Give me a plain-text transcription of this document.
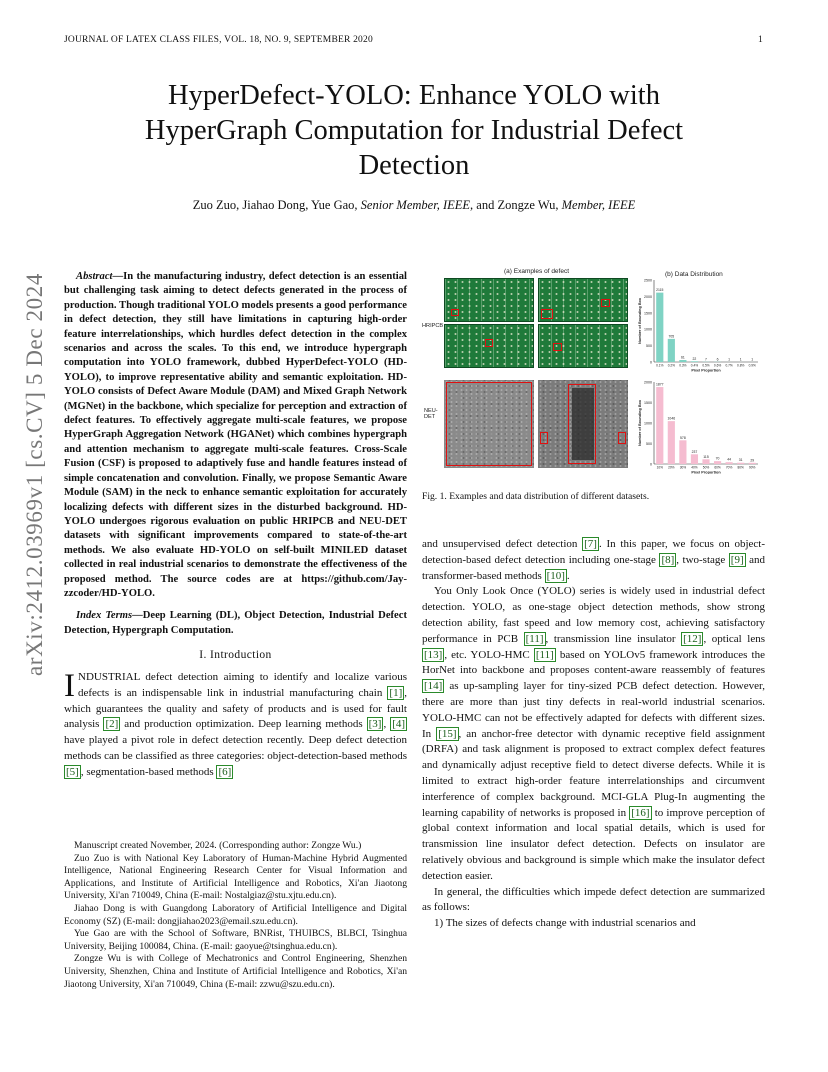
JOURNAL OF LATEX CLASS FILES, VOL. 18, NO. 9, SEPTEMBER 2020	1
arXiv:2412.03969v1 [cs.CV] 5 Dec 2024
HyperDefect-YOLO: Enhance YOLO with HyperGraph Computation for Industrial Defect Detection
Zuo Zuo, Jiahao Dong, Yue Gao, Senior Member, IEEE, and Zongze Wu, Member, IEEE

Abstract—In the manufacturing industry, defect detection is an essential but challenging task aiming to detect defects generated in the process of production. Though traditional YOLO models presents a good performance in defect detection, they still have limitations in capturing high-order feature interrelationships, which hurdles defect detection in the complex scenarios and across the scales. To this end, we introduce hypergraph computation into YOLO framework, dubbed HyperDefect-YOLO (HD-YOLO), to improve representative ability and semantic exploitation. HD-YOLO consists of Defect Aware Module (DAM) and Mixed Graph Network (MGNet) in the backbone, which specialize for perception and extraction of defect features. To effectively aggregate multi-scale features, we propose HyperGraph Aggregation Network (HGANet) which combines hypergraph and attention mechanism to aggregate multi-scale features. Cross-Scale Fusion (CSF) is proposed to adaptively fuse and handle features instead of simple concatenation and convolution. Finally, we propose Semantic Aware Module (SAM) in the neck to enhance semantic exploitation for accurately localizing defects with different sizes in the disturbed background. HD-YOLO undergoes rigorous evaluation on public HRIPCB and NEU-DET datasets with significant improvements compared to state-of-the-art methods. We also evaluate HD-YOLO on self-built MINILED dataset collected in real industrial scenarios to demonstrate the effectiveness of the proposed method. The source codes are at https://github.com/Jay-zzcoder/HD-YOLO.

Index Terms—Deep Learning (DL), Object Detection, Industrial Defect Detection, Hypergraph Computation.

I. Introduction

INDUSTRIAL defect detection aiming to identify and localize various defects is an indispensable link in industrial manufacturing chain [1] , which guarantees the quality and safety of products and is used for fault analysis [2] and production optimization. Deep learning methods [3] , [4] have played a pivot role in defect detection recently. Deep defect detection methods can be classified as three categories: object-detection-based methods [5] , segmentation-based methods [6]

Manuscript created November, 2024. (Corresponding author: Zongze Wu.)

Zuo Zuo is with National Key Laboratory of Human-Machine Hybrid Augmented Intelligence, National Engineering Research Center for Visual Information and Applications, and Institute of Artificial Intelligence and Robotics, Xi'an Jiaotong University, Xi'an 710049, China (E-mail: Nostalgiaz@stu.xjtu.edu.cn).

Jiahao Dong is with Guangdong Laboratory of Artificial Intelligence and Digital Economy (SZ) (E-mail: dongjiahao2023@email.szu.edu.cn).

Yue Gao are with the School of Software, BNRist, THUIBCS, BLBCI, Tsinghua University, Beijing 100084, China. (E-mail: gaoyue@tsinghua.edu.cn).

Zongze Wu is with College of Mechatronics and Control Engineering, Shenzhen University, Shenzhen, China and Institute of Artificial Intelligence and Robotics, Xi'an Jiaotong University, Xi'an 710049, China (E-mail: zzwu@szu.edu.cn).

(a) Examples of defect	(b) Data Distribution
HRIPCB
NEU-DET
0
500
1000
1500
2000
2500
Number of Bounding Box
2115
0.1%
705
0.2%
61
0.3%
22
0.4%
7
0.5%
6
0.6%
1
0.7%
1
0.8%
1
0.9%
Pixel Proportion
0
500
1000
1500
2000
Number of Bounding Box
1877
10%
1046
20%
578
30%
237
40%
115
50%
70
60%
44
70%
31
80%
29
90%
Pixel Proportion
Fig. 1. Examples and data distribution of different datasets.

and unsupervised defect detection [7] . In this paper, we focus on object-detection-based defect detection including one-stage [8] , two-stage [9] and transformer-based methods [10] .

You Only Look Once (YOLO) series is widely used in industrial defect detection. YOLO, as one-stage object detection methods, show strong detection ability, fast speed and low memory cost, achieving satisfactory performance in PCB [11] , transmission line insulator [12] , optical lens [13] , etc. YOLO-HMC [11] based on YOLOv5 framework introduces the HorNet into backbone and proposes content-aware reassembly of features [14] as up-sampling layer for tiny-sized PCB defect detection. However, there are more than just tiny defects in real-world industrial scenarios. YOLO-HMC can not be effectively adapted for defects with different sizes. In [15] , an anchor-free detector with dynamic receptive field assignment (DRFA) and task alignment is proposed to extract complex defect features and dynamically adjust receptive field to detect diverse defects. While it is limited to extract high-order feature interrelationships and circumvent interference of complex background. MCI-GLA Plug-In augmenting the learning capability of networks is proposed in [16] to improve perception of global context information and local spatial details, which is used for transmission line insulator defect detection. Defects on insulator are relatively obvious and background is simple which make the insulator defect detection easier.

In general, the difficulties which impede defect detection are summarized as follows:

1) The sizes of defects change with industrial scenarios and
